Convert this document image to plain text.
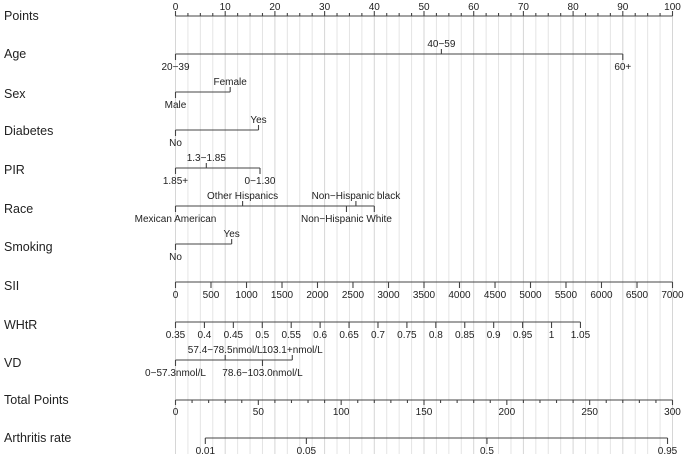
Points
0	10	20	30	40	50	60	70	80	90	100
Age
20−39
40−59
60+
Sex
Male
Female
Diabetes
No
Yes
PIR
1.85+
1.3−1.85
0−1.30
Race
Mexican American
Other Hispanics
Non−Hispanic White
Non−Hispanic black
Smoking
No
Yes
SII
0 500 1000 1500 2000 2500 3000 3500 4000 4500 5000 5500 6000 6500 7000
WHtR
0.35 0.4 0.45 0.5 0.55 0.6 0.65 0.7 0.75 0.8 0.85 0.9 0.95 1 1.05
VD
0−57.3nmol/L
57.4−78.5nmol/L
78.6−103.0nmol/L
103.1+nmol/L
Total Points
0	50	100	150	200	250	300
Arthritis rate
0.01	0.05	0.5	0.95
